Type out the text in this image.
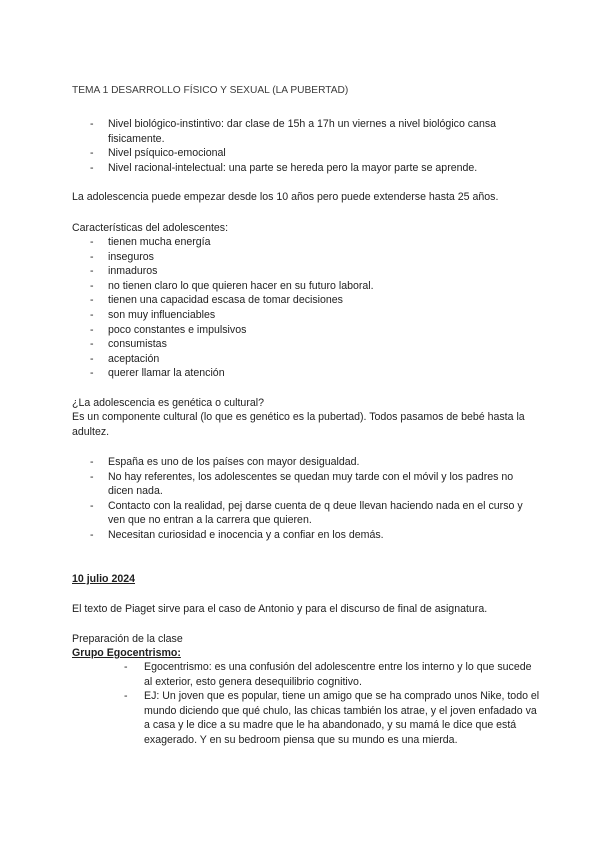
TEMA 1 DESARROLLO FÍSICO Y SEXUAL (LA PUBERTAD)

- Nivel biológico-instintivo: dar clase de 15h a 17h un viernes a nivel biológico cansa fisicamente.
- Nivel psíquico-emocional
- Nivel racional-intelectual: una parte se hereda pero la mayor parte se aprende.

La adolescencia puede empezar desde los 10 años pero puede extenderse hasta 25 años.

Características del adolescentes:

- tienen mucha energía
- inseguros
- inmaduros
- no tienen claro lo que quieren hacer en su futuro laboral.
- tienen una capacidad escasa de tomar decisiones
- son muy influenciables
- poco constantes e impulsivos
- consumistas
- aceptación
- querer llamar la atención

¿La adolescencia es genética o cultural?

Es un componente cultural (lo que es genético es la pubertad). Todos pasamos de bebé hasta la adultez.

- España es uno de los países con mayor desigualdad.
- No hay referentes, los adolescentes se quedan muy tarde con el móvil y los padres no dicen nada.
- Contacto con la realidad, pej darse cuenta de q deue llevan haciendo nada en el curso y ven que no entran a la carrera que quieren.
- Necesitan curiosidad e inocencia y a confiar en los demás.

10 julio 2024

El texto de Piaget sirve para el caso de Antonio y para el discurso de final de asignatura.

Preparación de la clase

Grupo Egocentrismo:

- Egocentrismo: es una confusión del adolescentre entre los interno y lo que sucede al exterior, esto genera desequilibrio cognitivo.
- EJ: Un joven que es popular, tiene un amigo que se ha comprado unos Nike, todo el mundo diciendo que qué chulo, las chicas también los atrae, y el joven enfadado va a casa y le dice a su madre que le ha abandonado, y su mamá le dice que está exagerado. Y en su bedroom piensa que su mundo es una mierda.
